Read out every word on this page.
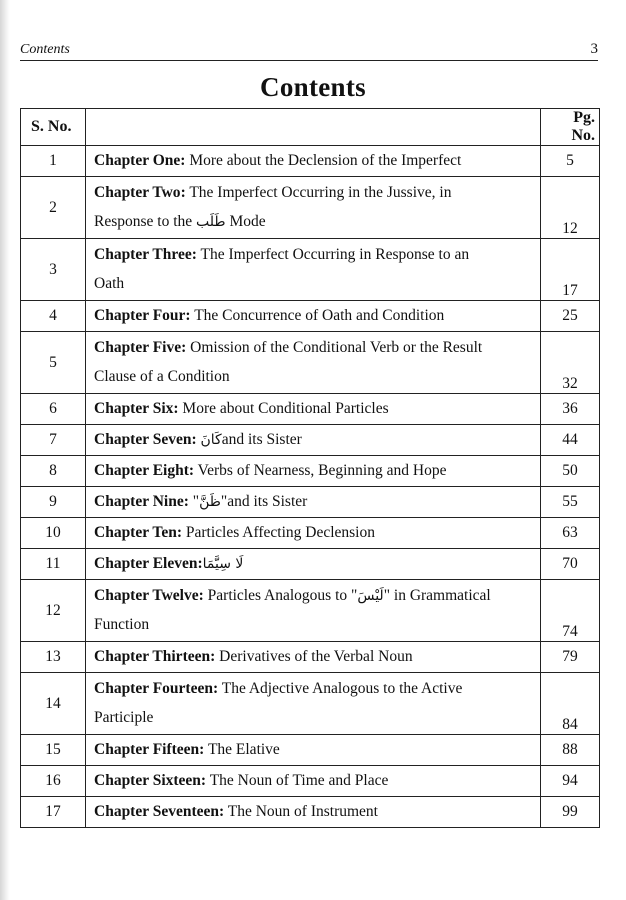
Contents	3
Contents
S. No.		Pg. No.
1	Chapter One: More about the Declension of the Imperfect	5
2	Chapter Two: The Imperfect Occurring in the Jussive, in
Response to the طَلَب Mode	12
3	Chapter Three: The Imperfect Occurring in Response to an
Oath	17
4	Chapter Four: The Concurrence of Oath and Condition	25
5	Chapter Five: Omission of the Conditional Verb or the Result
Clause of a Condition	32
6	Chapter Six: More about Conditional Particles	36
7	Chapter Seven: كَانَand its Sister	44
8	Chapter Eight: Verbs of Nearness, Beginning and Hope	50
9	Chapter Nine: "ظَنَّ"and its Sister	55
10	Chapter Ten: Particles Affecting Declension	63
11	Chapter Eleven: لَا سِيَّمَا	70
12	Chapter Twelve: Particles Analogous to "لَيْسَ" in Grammatical
Function	74
13	Chapter Thirteen: Derivatives of the Verbal Noun	79
14	Chapter Fourteen: The Adjective Analogous to the Active
Participle	84
15	Chapter Fifteen: The Elative	88
16	Chapter Sixteen: The Noun of Time and Place	94
17	Chapter Seventeen: The Noun of Instrument	99
